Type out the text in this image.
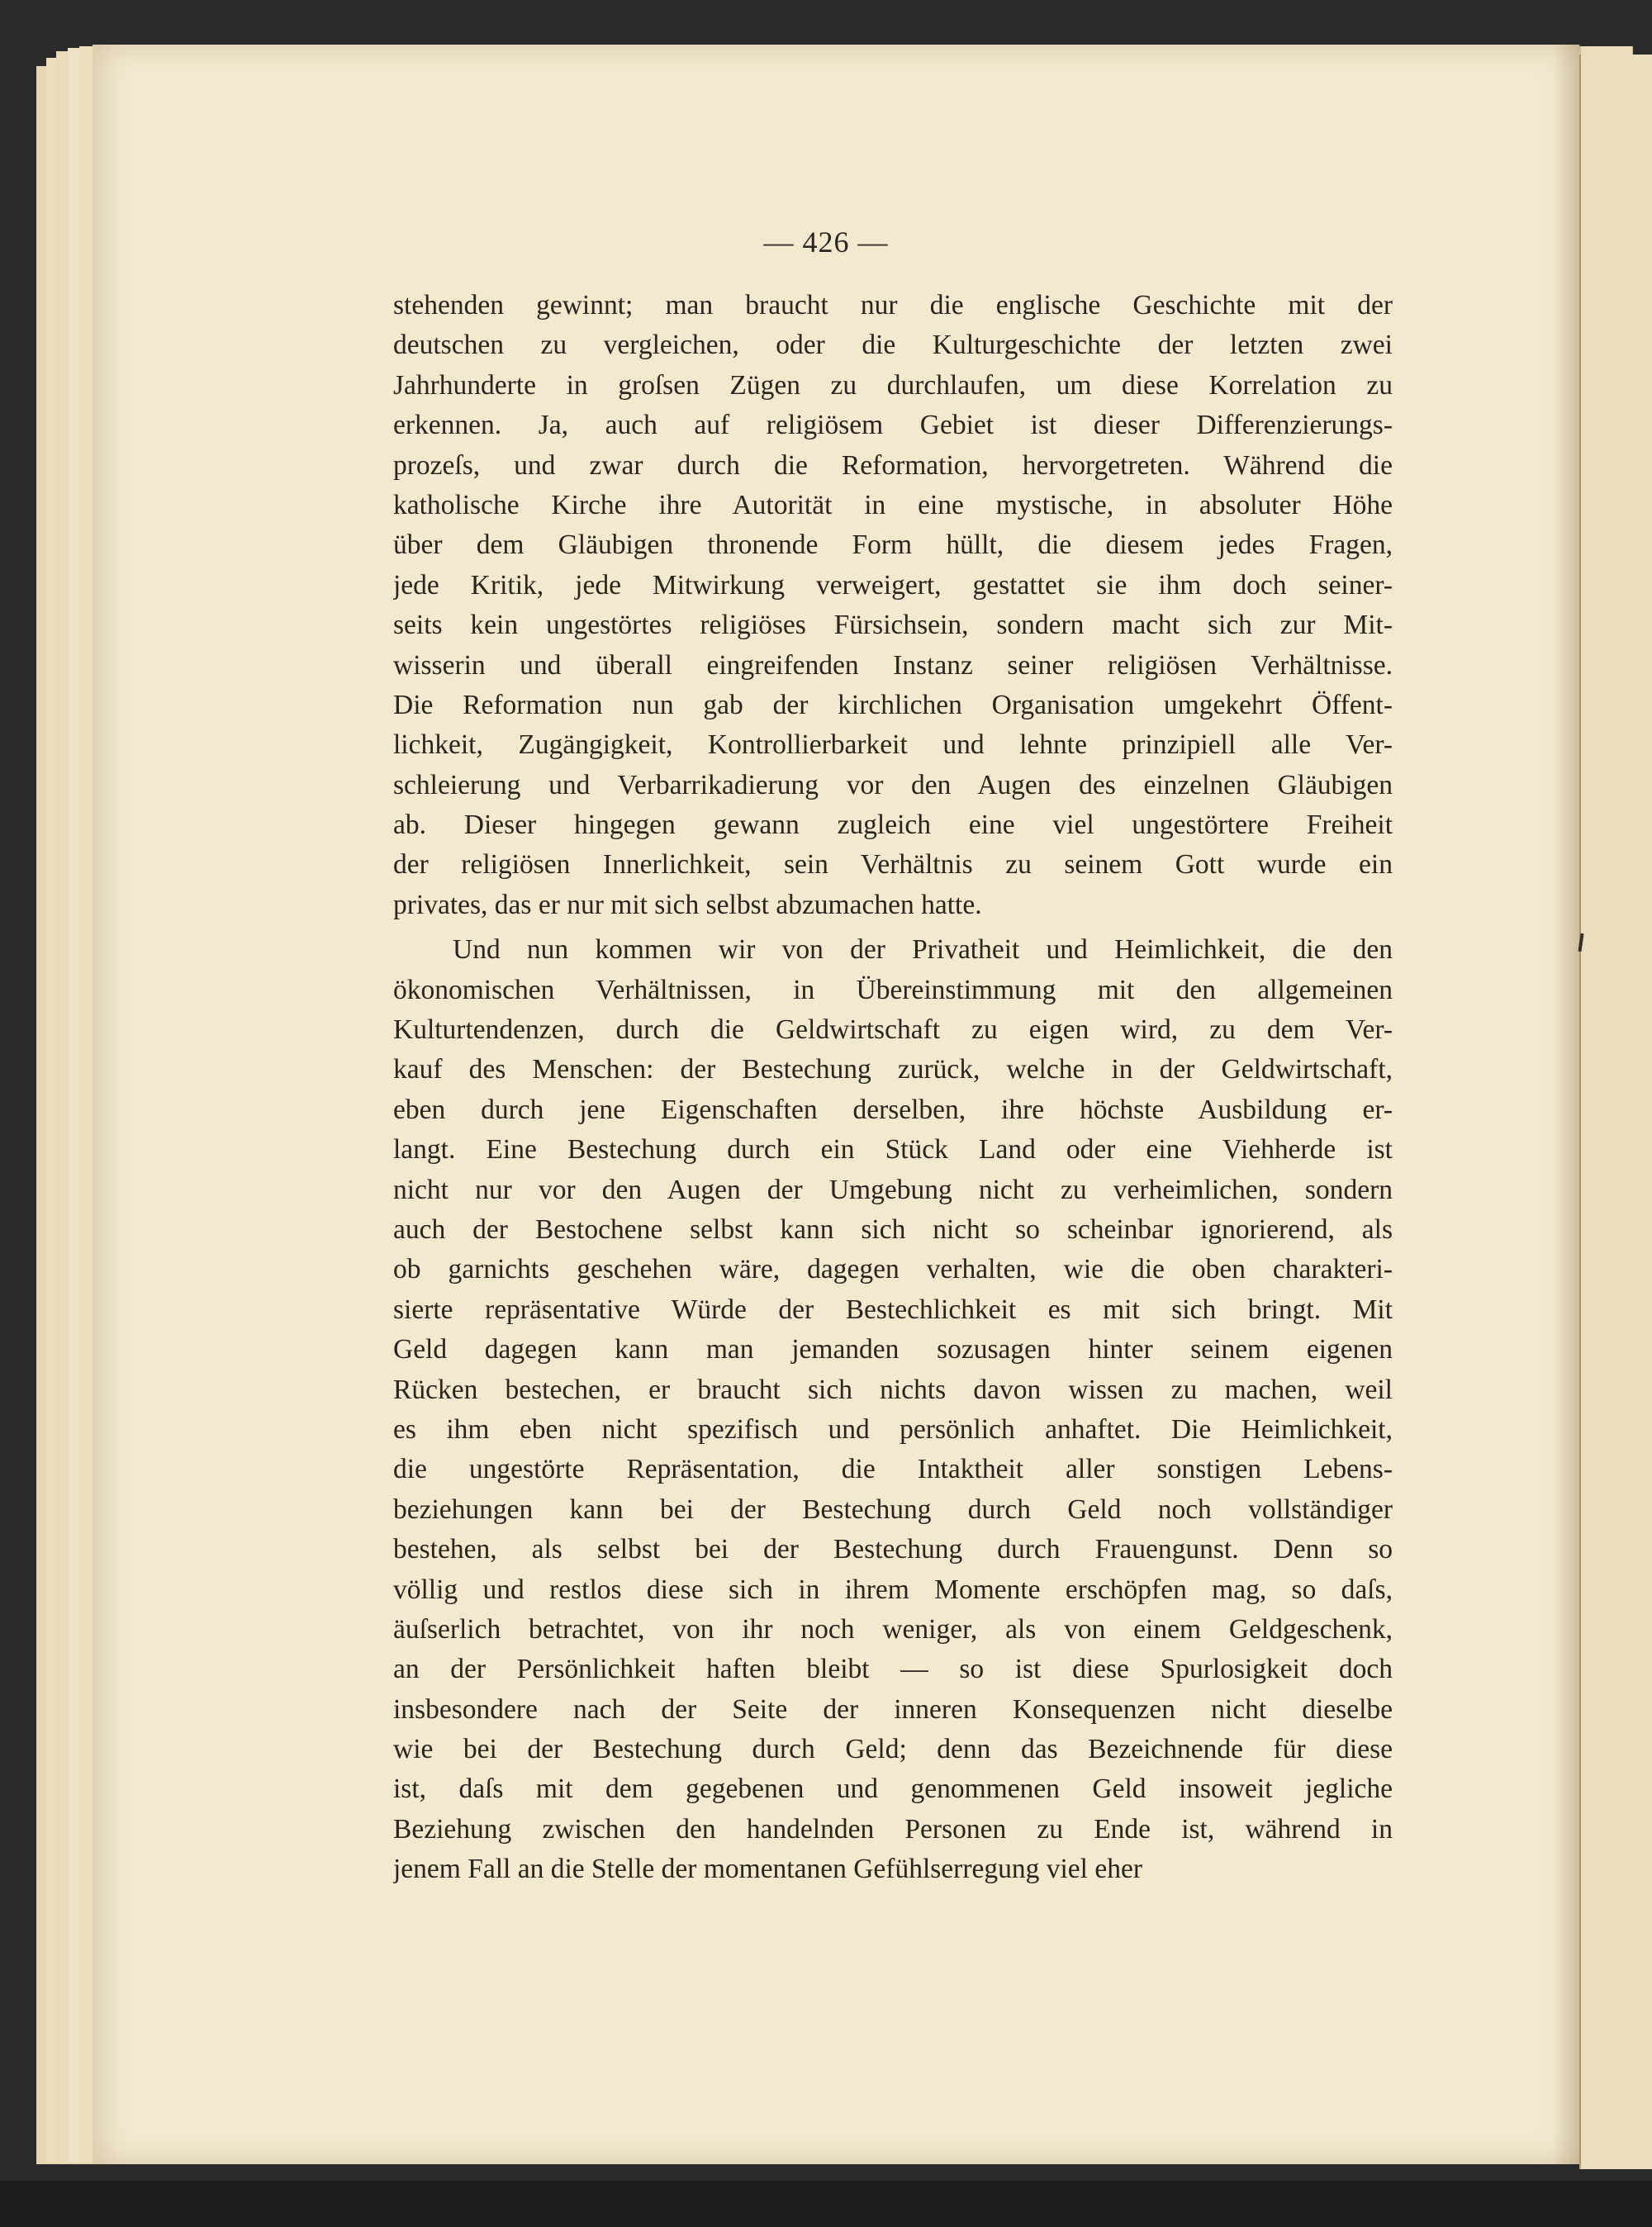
— 426 —
stehenden gewinnt; man braucht nur die englische Geschichte mit der
deutschen zu vergleichen, oder die Kulturgeschichte der letzten zwei
Jahrhunderte in groſsen Zügen zu durchlaufen, um diese Korrelation zu
erkennen. Ja, auch auf religiösem Gebiet ist dieser Differenzierungs-
prozeſs, und zwar durch die Reformation, hervorgetreten. Während die
katholische Kirche ihre Autorität in eine mystische, in absoluter Höhe
über dem Gläubigen thronende Form hüllt, die diesem jedes Fragen,
jede Kritik, jede Mitwirkung verweigert, gestattet sie ihm doch seiner-
seits kein ungestörtes religiöses Fürsichsein, sondern macht sich zur Mit-
wisserin und überall eingreifenden Instanz seiner religiösen Verhältnisse.
Die Reformation nun gab der kirchlichen Organisation umgekehrt Öffent-
lichkeit, Zugängigkeit, Kontrollierbarkeit und lehnte prinzipiell alle Ver-
schleierung und Verbarrikadierung vor den Augen des einzelnen Gläubigen
ab. Dieser hingegen gewann zugleich eine viel ungestörtere Freiheit
der religiösen Innerlichkeit, sein Verhältnis zu seinem Gott wurde ein
privates, das er nur mit sich selbst abzumachen hatte.
Und nun kommen wir von der Privatheit und Heimlichkeit, die den
ökonomischen Verhältnissen, in Übereinstimmung mit den allgemeinen
Kulturtendenzen, durch die Geldwirtschaft zu eigen wird, zu dem Ver-
kauf des Menschen: der Bestechung zurück, welche in der Geldwirtschaft,
eben durch jene Eigenschaften derselben, ihre höchste Ausbildung er-
langt. Eine Bestechung durch ein Stück Land oder eine Viehherde ist
nicht nur vor den Augen der Umgebung nicht zu verheimlichen, sondern
auch der Bestochene selbst kann sich nicht so scheinbar ignorierend, als
ob garnichts geschehen wäre, dagegen verhalten, wie die oben charakteri-
sierte repräsentative Würde der Bestechlichkeit es mit sich bringt. Mit
Geld dagegen kann man jemanden sozusagen hinter seinem eigenen
Rücken bestechen, er braucht sich nichts davon wissen zu machen, weil
es ihm eben nicht spezifisch und persönlich anhaftet. Die Heimlichkeit,
die ungestörte Repräsentation, die Intaktheit aller sonstigen Lebens-
beziehungen kann bei der Bestechung durch Geld noch vollständiger
bestehen, als selbst bei der Bestechung durch Frauengunst. Denn so
völlig und restlos diese sich in ihrem Momente erschöpfen mag, so daſs,
äuſserlich betrachtet, von ihr noch weniger, als von einem Geldgeschenk,
an der Persönlichkeit haften bleibt — so ist diese Spurlosigkeit doch
insbesondere nach der Seite der inneren Konsequenzen nicht dieselbe
wie bei der Bestechung durch Geld; denn das Bezeichnende für diese
ist, daſs mit dem gegebenen und genommenen Geld insoweit jegliche
Beziehung zwischen den handelnden Personen zu Ende ist, während in
jenem Fall an die Stelle der momentanen Gefühlserregung viel eher
